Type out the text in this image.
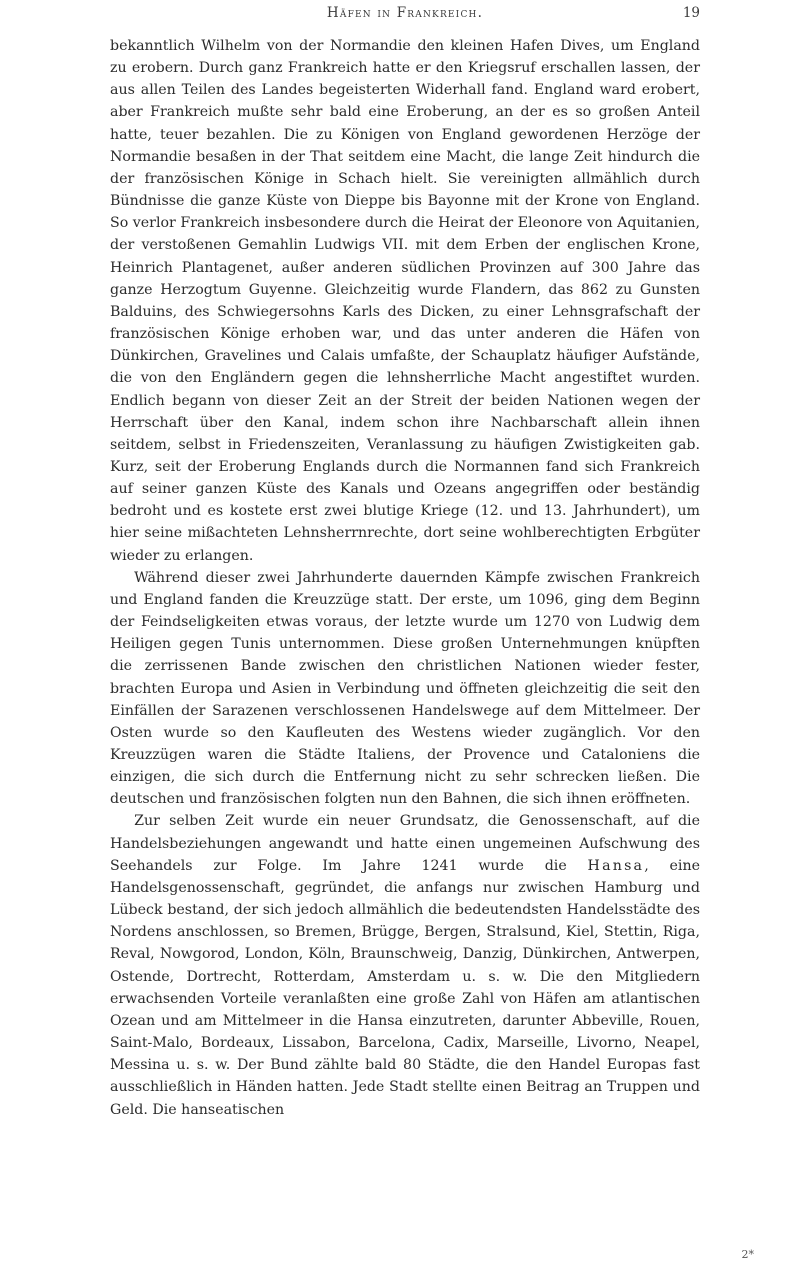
Häfen in Frankreich.	19

bekanntlich Wilhelm von der Normandie den kleinen Hafen Dives, um England zu erobern. Durch ganz Frankreich hatte er den Kriegsruf erschallen lassen, der aus allen Teilen des Landes begeisterten Widerhall fand. England ward erobert, aber Frankreich mußte sehr bald eine Eroberung, an der es so großen Anteil hatte, teuer bezahlen. Die zu Königen von England gewordenen Herzöge der Normandie besaßen in der That seitdem eine Macht, die lange Zeit hindurch die der französischen Könige in Schach hielt. Sie vereinigten allmählich durch Bündnisse die ganze Küste von Dieppe bis Bayonne mit der Krone von England. So verlor Frankreich insbesondere durch die Heirat der Eleonore von Aquitanien, der verstoßenen Gemahlin Ludwigs VII. mit dem Erben der englischen Krone, Heinrich Plantagenet, außer anderen südlichen Provinzen auf 300 Jahre das ganze Herzogtum Guyenne. Gleichzeitig wurde Flandern, das 862 zu Gunsten Balduins, des Schwiegersohns Karls des Dicken, zu einer Lehnsgrafschaft der französischen Könige erhoben war, und das unter anderen die Häfen von Dünkirchen, Gravelines und Calais umfaßte, der Schauplatz häufiger Aufstände, die von den Engländern gegen die lehnsherrliche Macht angestiftet wurden. Endlich begann von dieser Zeit an der Streit der beiden Nationen wegen der Herrschaft über den Kanal, indem schon ihre Nachbarschaft allein ihnen seitdem, selbst in Friedenszeiten, Veranlassung zu häufigen Zwistigkeiten gab. Kurz, seit der Eroberung Englands durch die Normannen fand sich Frankreich auf seiner ganzen Küste des Kanals und Ozeans angegriffen oder beständig bedroht und es kostete erst zwei blutige Kriege (12. und 13. Jahrhundert), um hier seine mißachteten Lehnsherrnrechte, dort seine wohlberechtigten Erbgüter wieder zu erlangen.

Während dieser zwei Jahrhunderte dauernden Kämpfe zwischen Frankreich und England fanden die Kreuzzüge statt. Der erste, um 1096, ging dem Beginn der Feindseligkeiten etwas voraus, der letzte wurde um 1270 von Ludwig dem Heiligen gegen Tunis unternommen. Diese großen Unternehmungen knüpften die zerrissenen Bande zwischen den christlichen Nationen wieder fester, brachten Europa und Asien in Verbindung und öffneten gleichzeitig die seit den Einfällen der Sarazenen verschlossenen Handelswege auf dem Mittelmeer. Der Osten wurde so den Kaufleuten des Westens wieder zugänglich. Vor den Kreuzzügen waren die Städte Italiens, der Provence und Cataloniens die einzigen, die sich durch die Entfernung nicht zu sehr schrecken ließen. Die deutschen und französischen folgten nun den Bahnen, die sich ihnen eröffneten.

Zur selben Zeit wurde ein neuer Grundsatz, die Genossenschaft, auf die Handelsbeziehungen angewandt und hatte einen ungemeinen Aufschwung des Seehandels zur Folge. Im Jahre 1241 wurde die Hansa, eine Handelsgenossenschaft, gegründet, die anfangs nur zwischen Hamburg und Lübeck bestand, der sich jedoch allmählich die bedeutendsten Handelsstädte des Nordens anschlossen, so Bremen, Brügge, Bergen, Stralsund, Kiel, Stettin, Riga, Reval, Nowgorod, London, Köln, Braunschweig, Danzig, Dünkirchen, Antwerpen, Ostende, Dortrecht, Rotterdam, Amsterdam u. s. w. Die den Mitgliedern erwachsenden Vorteile veranlaßten eine große Zahl von Häfen am atlantischen Ozean und am Mittelmeer in die Hansa einzutreten, darunter Abbeville, Rouen, Saint-Malo, Bordeaux, Lissabon, Barcelona, Cadix, Marseille, Livorno, Neapel, Messina u. s. w. Der Bund zählte bald 80 Städte, die den Handel Europas fast ausschließlich in Händen hatten. Jede Stadt stellte einen Beitrag an Truppen und Geld. Die hanseatischen

2*
